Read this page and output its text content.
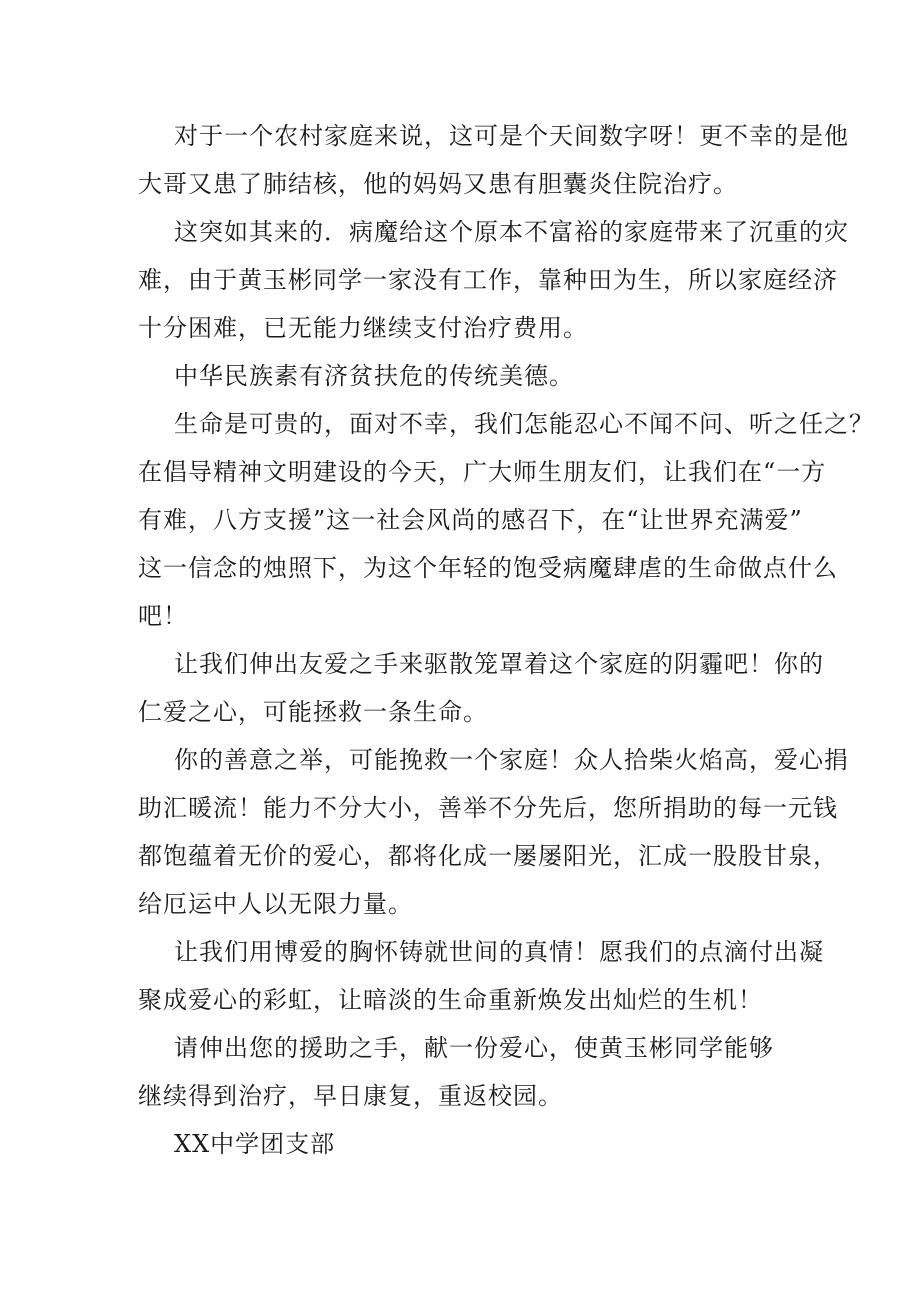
对于一个农村家庭来说，这可是个天间数字呀！更不幸的是他
大哥又患了肺结核，他的妈妈又患有胆囊炎住院治疗。
这突如其来的．病魔给这个原本不富裕的家庭带来了沉重的灾
难，由于黄玉彬同学一家没有工作，靠种田为生，所以家庭经济
十分困难，已无能力继续支付治疗费用。
中华民族素有济贫扶危的传统美德。
生命是可贵的，面对不幸，我们怎能忍心不闻不问、听之任之？
在倡导精神文明建设的今天，广大师生朋友们，让我们在“一方
有难，八方支援”这一社会风尚的感召下，在“让世界充满爱”
这一信念的烛照下，为这个年轻的饱受病魔肆虐的生命做点什么
吧！
让我们伸出友爱之手来驱散笼罩着这个家庭的阴霾吧！你的
仁爱之心，可能拯救一条生命。
你的善意之举，可能挽救一个家庭！众人拾柴火焰高，爱心捐
助汇暖流！能力不分大小，善举不分先后，您所捐助的每一元钱
都饱蕴着无价的爱心，都将化成一屡屡阳光，汇成一股股甘泉，
给厄运中人以无限力量。
让我们用博爱的胸怀铸就世间的真情！愿我们的点滴付出凝
聚成爱心的彩虹，让暗淡的生命重新焕发出灿烂的生机！
请伸出您的援助之手，献一份爱心，使黄玉彬同学能够
继续得到治疗，早日康复，重返校园。
XX中学团支部
